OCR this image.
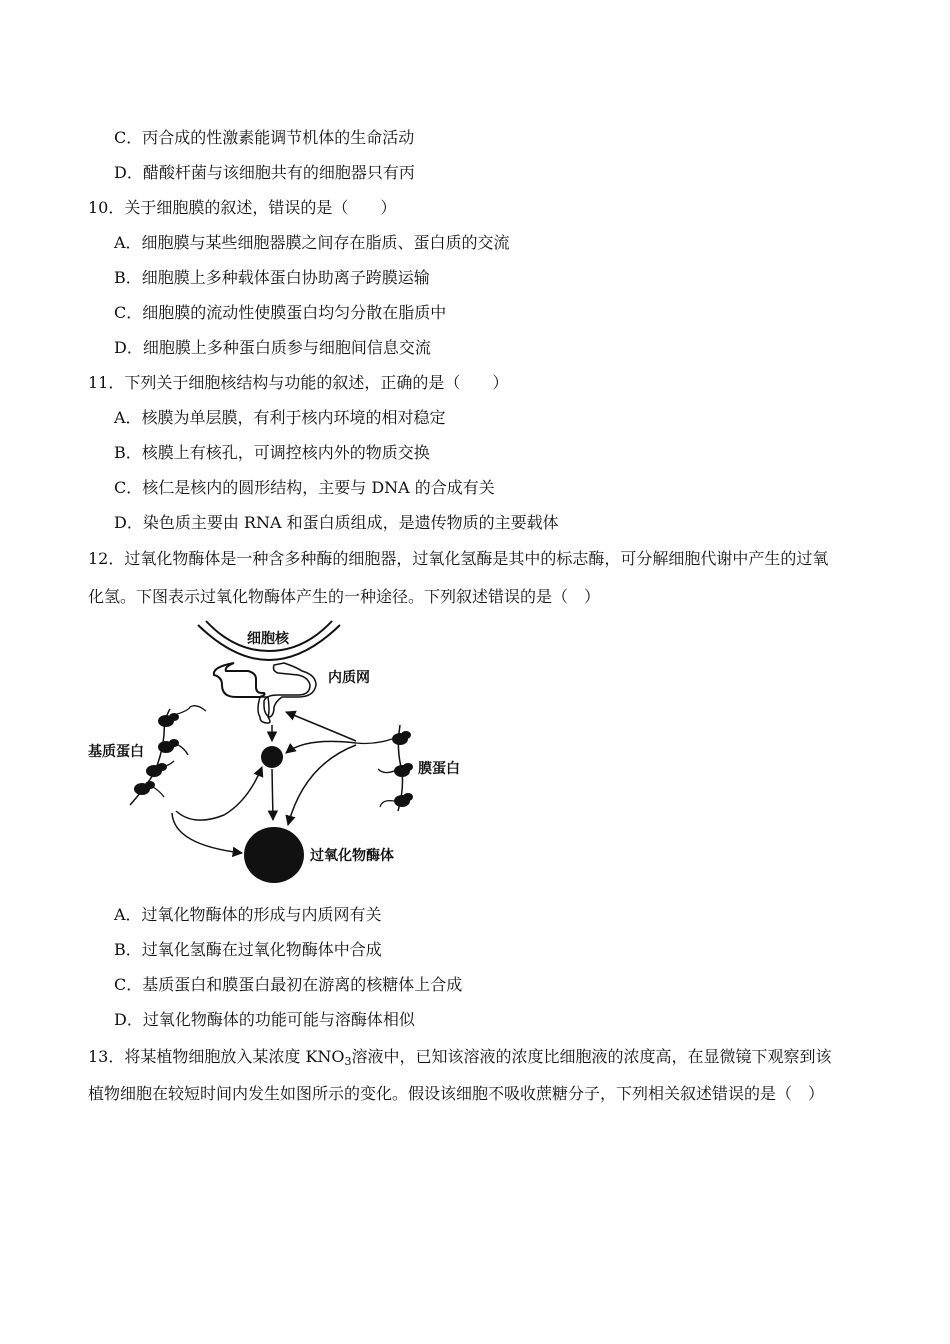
C．丙合成的性激素能调节机体的生命活动
D．醋酸杆菌与该细胞共有的细胞器只有丙
10．关于细胞膜的叙述，错误的是（　　）
A．细胞膜与某些细胞器膜之间存在脂质、蛋白质的交流
B．细胞膜上多种载体蛋白协助离子跨膜运输
C．细胞膜的流动性使膜蛋白均匀分散在脂质中
D．细胞膜上多种蛋白质参与细胞间信息交流
11．下列关于细胞核结构与功能的叙述，正确的是（　　）
A．核膜为单层膜，有利于核内环境的相对稳定
B．核膜上有核孔，可调控核内外的物质交换
C．核仁是核内的圆形结构，主要与 DNA 的合成有关
D．染色质主要由 RNA 和蛋白质组成，是遗传物质的主要载体
12．过氧化物酶体是一种含多种酶的细胞器，过氧化氢酶是其中的标志酶，可分解细胞代谢中产生的过氧
化氢。下图表示过氧化物酶体产生的一种途径。下列叙述错误的是（　）
细胞核
内质网
过氧化物酶体
基质蛋白
膜蛋白
A．过氧化物酶体的形成与内质网有关
B．过氧化氢酶在过氧化物酶体中合成
C．基质蛋白和膜蛋白最初在游离的核糖体上合成
D．过氧化物酶体的功能可能与溶酶体相似
13．将某植物细胞放入某浓度 $KNO_3$溶液中，已知该溶液的浓度比细胞液的浓度高，在显微镜下观察到该
植物细胞在较短时间内发生如图所示的变化。假设该细胞不吸收蔗糖分子，下列相关叙述错误的是（　）
